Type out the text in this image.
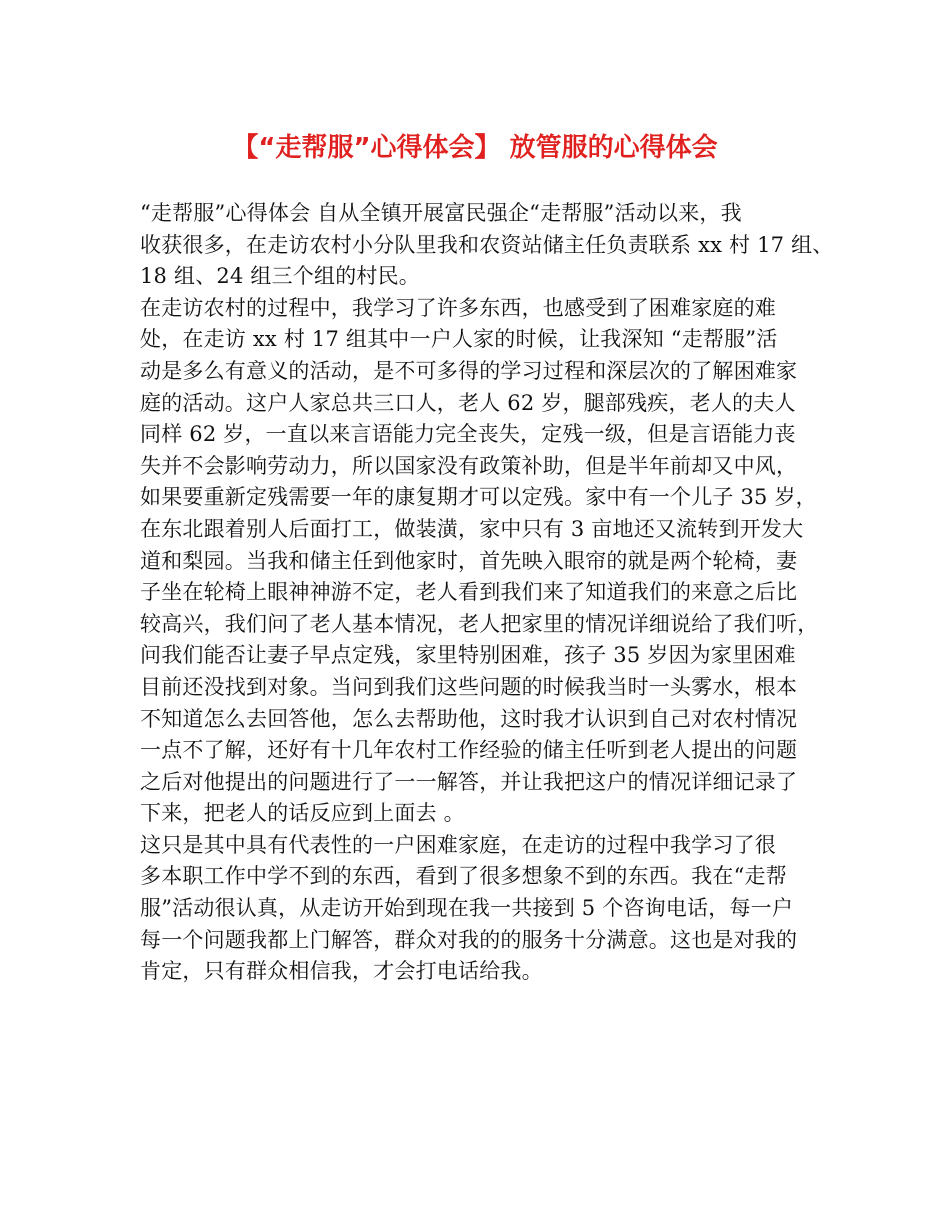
【“走帮服”心得体会】 放管服的心得体会

“走帮服”心得体会 自从全镇开展富民强企“走帮服”活动以来，我
收获很多，在走访农村小分队里我和农资站储主任负责联系 xx 村 17 组、
18 组、24 组三个组的村民。

在走访农村的过程中，我学习了许多东西，也感受到了困难家庭的难
处，在走访 xx 村 17 组其中一户人家的时候，让我深知 “走帮服”活
动是多么有意义的活动，是不可多得的学习过程和深层次的了解困难家
庭的活动。这户人家总共三口人，老人 62 岁，腿部残疾，老人的夫人
同样 62 岁，一直以来言语能力完全丧失，定残一级，但是言语能力丧
失并不会影响劳动力，所以国家没有政策补助，但是半年前却又中风，
如果要重新定残需要一年的康复期才可以定残。家中有一个儿子 35 岁，
在东北跟着别人后面打工，做装潢，家中只有 3 亩地还又流转到开发大
道和梨园。当我和储主任到他家时，首先映入眼帘的就是两个轮椅，妻
子坐在轮椅上眼神神游不定，老人看到我们来了知道我们的来意之后比
较高兴，我们问了老人基本情况，老人把家里的情况详细说给了我们听，
问我们能否让妻子早点定残，家里特别困难，孩子 35 岁因为家里困难
目前还没找到对象。当问到我们这些问题的时候我当时一头雾水，根本
不知道怎么去回答他，怎么去帮助他，这时我才认识到自己对农村情况
一点不了解，还好有十几年农村工作经验的储主任听到老人提出的问题
之后对他提出的问题进行了一一解答，并让我把这户的情况详细记录了
下来，把老人的话反应到上面去 。

这只是其中具有代表性的一户困难家庭，在走访的过程中我学习了很
多本职工作中学不到的东西，看到了很多想象不到的东西。我在“走帮
服”活动很认真，从走访开始到现在我一共接到 5 个咨询电话，每一户
每一个问题我都上门解答，群众对我的的服务十分满意。这也是对我的
肯定，只有群众相信我，才会打电话给我。
